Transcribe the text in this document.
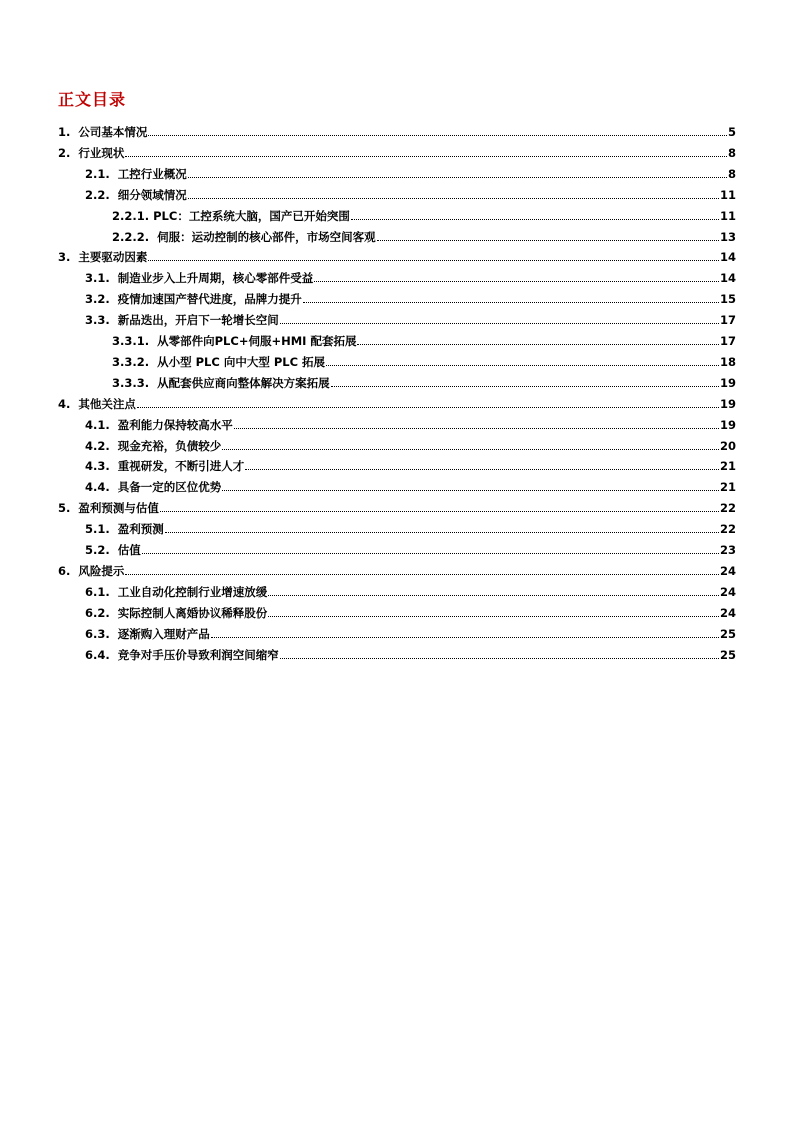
正文目录
1. 公司基本情况	5
2. 行业现状	8
2.1. 工控行业概况	8
2.2. 细分领域情况	11
2.2.1. PLC：工控系统大脑，国产已开始突围	11
2.2.2. 伺服：运动控制的核心部件，市场空间客观	13
3. 主要驱动因素	14
3.1. 制造业步入上升周期，核心零部件受益	14
3.2. 疫情加速国产替代进度，品牌力提升	15
3.3. 新品迭出，开启下一轮增长空间	17
3.3.1. 从零部件向PLC+伺服+HMI 配套拓展	17
3.3.2. 从小型 PLC 向中大型 PLC 拓展	18
3.3.3. 从配套供应商向整体解决方案拓展	19
4. 其他关注点	19
4.1. 盈利能力保持较高水平	19
4.2. 现金充裕，负债较少	20
4.3. 重视研发，不断引进人才	21
4.4. 具备一定的区位优势	21
5. 盈利预测与估值	22
5.1. 盈利预测	22
5.2. 估值	23
6. 风险提示	24
6.1. 工业自动化控制行业增速放缓	24
6.2. 实际控制人离婚协议稀释股份	24
6.3. 逐渐购入理财产品	25
6.4. 竞争对手压价导致利润空间缩窄	25
